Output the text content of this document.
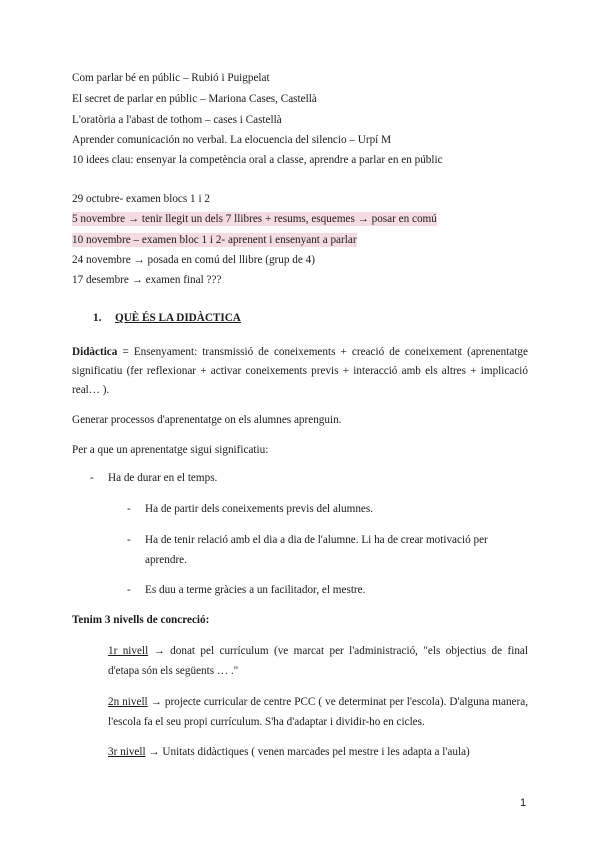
Com parlar bé en públic – Rubió i Puigpelat
El secret de parlar en públic – Mariona Cases, Castellà
L'oratòria a l'abast de tothom – cases i Castellà
Aprender comunicación no verbal. La elocuencia del silencio – Urpí M
10 idees clau: ensenyar la competència oral a classe, aprendre a parlar en en públic
29 octubre- examen blocs 1 i 2
5 novembre → tenir llegit un dels 7 llibres + resums, esquemes → posar en comú
10 novembre – examen bloc 1 i 2- aprenent i ensenyant a parlar
24 novembre → posada en comú del llibre (grup de 4)
17 desembre → examen final ???
1. QUÈ ÉS LA DIDÀCTICA
Didàctica = Ensenyament: transmissió de coneixements + creació de coneixement (aprenentatge significatiu (fer reflexionar + activar coneixements previs + interacció amb els altres + implicació real… ).
Generar processos d'aprenentatge on els alumnes aprenguin.
Per a que un aprenentatge sigui significatiu:
- Ha de durar en el temps.
- Ha de partir dels coneixements previs del alumnes.
- Ha de tenir relació amb el dia a dia de l'alumne. Li ha de crear motivació per aprendre.
- Es duu a terme gràcies a un facilitador, el mestre.
Tenim 3 nivells de concreció:
1r nivell → donat pel currículum (ve marcat per l'administració, "els objectius de final d'etapa són els següents … ."
2n nivell → projecte curricular de centre PCC ( ve determinat per l'escola). D'alguna manera, l'escola fa el seu propi currículum. S'ha d'adaptar i dividir-ho en cicles.
3r nivell → Unitats didàctiques ( venen marcades pel mestre i les adapta a l'aula)
1
